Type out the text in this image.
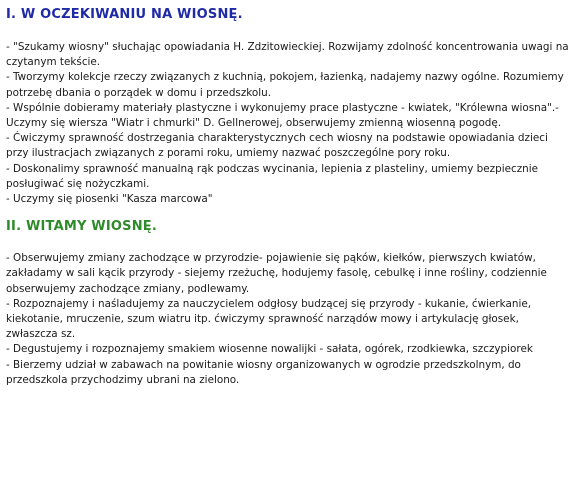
I. W OCZEKIWANIU NA WIOSNĘ.
- "Szukamy wiosny" słuchając opowiadania H. Zdzitowieckiej. Rozwijamy zdolność koncentrowania uwagi na czytanym tekście.
- Tworzymy kolekcje rzeczy związanych z kuchnią, pokojem, łazienką, nadajemy nazwy ogólne. Rozumiemy potrzebę dbania o porządek w domu i przedszkolu.
- Wspólnie dobieramy materiały plastyczne i wykonujemy prace plastyczne - kwiatek, "Królewna wiosna".- Uczymy się wiersza "Wiatr i chmurki" D. Gellnerowej, obserwujemy zmienną wiosenną pogodę.
- Ćwiczymy sprawność dostrzegania charakterystycznych cech wiosny na podstawie opowiadania dzieci przy ilustracjach związanych z porami roku, umiemy nazwać poszczególne pory roku.
- Doskonalimy sprawność manualną rąk podczas wycinania, lepienia z plasteliny, umiemy bezpiecznie posługiwać się nożyczkami.
- Uczymy się piosenki "Kasza marcowa"
II. WITAMY WIOSNĘ.
- Obserwujemy zmiany zachodzące w przyrodzie- pojawienie się pąków, kiełków, pierwszych kwiatów, zakładamy w sali kącik przyrody - siejemy rzeżuchę, hodujemy fasolę, cebulkę i inne rośliny, codziennie obserwujemy zachodzące zmiany, podlewamy.
- Rozpoznajemy i naśladujemy za nauczycielem odgłosy budzącej się przyrody - kukanie, ćwierkanie, kiekotanie, mruczenie, szum wiatru itp. ćwiczymy sprawność narządów mowy i artykulację głosek, zwłaszcza sz.
- Degustujemy i rozpoznajemy smakiem wiosenne nowalijki - sałata, ogórek, rzodkiewka, szczypiorek
- Bierzemy udział w zabawach na powitanie wiosny organizowanych w ogrodzie przedszkolnym, do przedszkola przychodzimy ubrani na zielono.
